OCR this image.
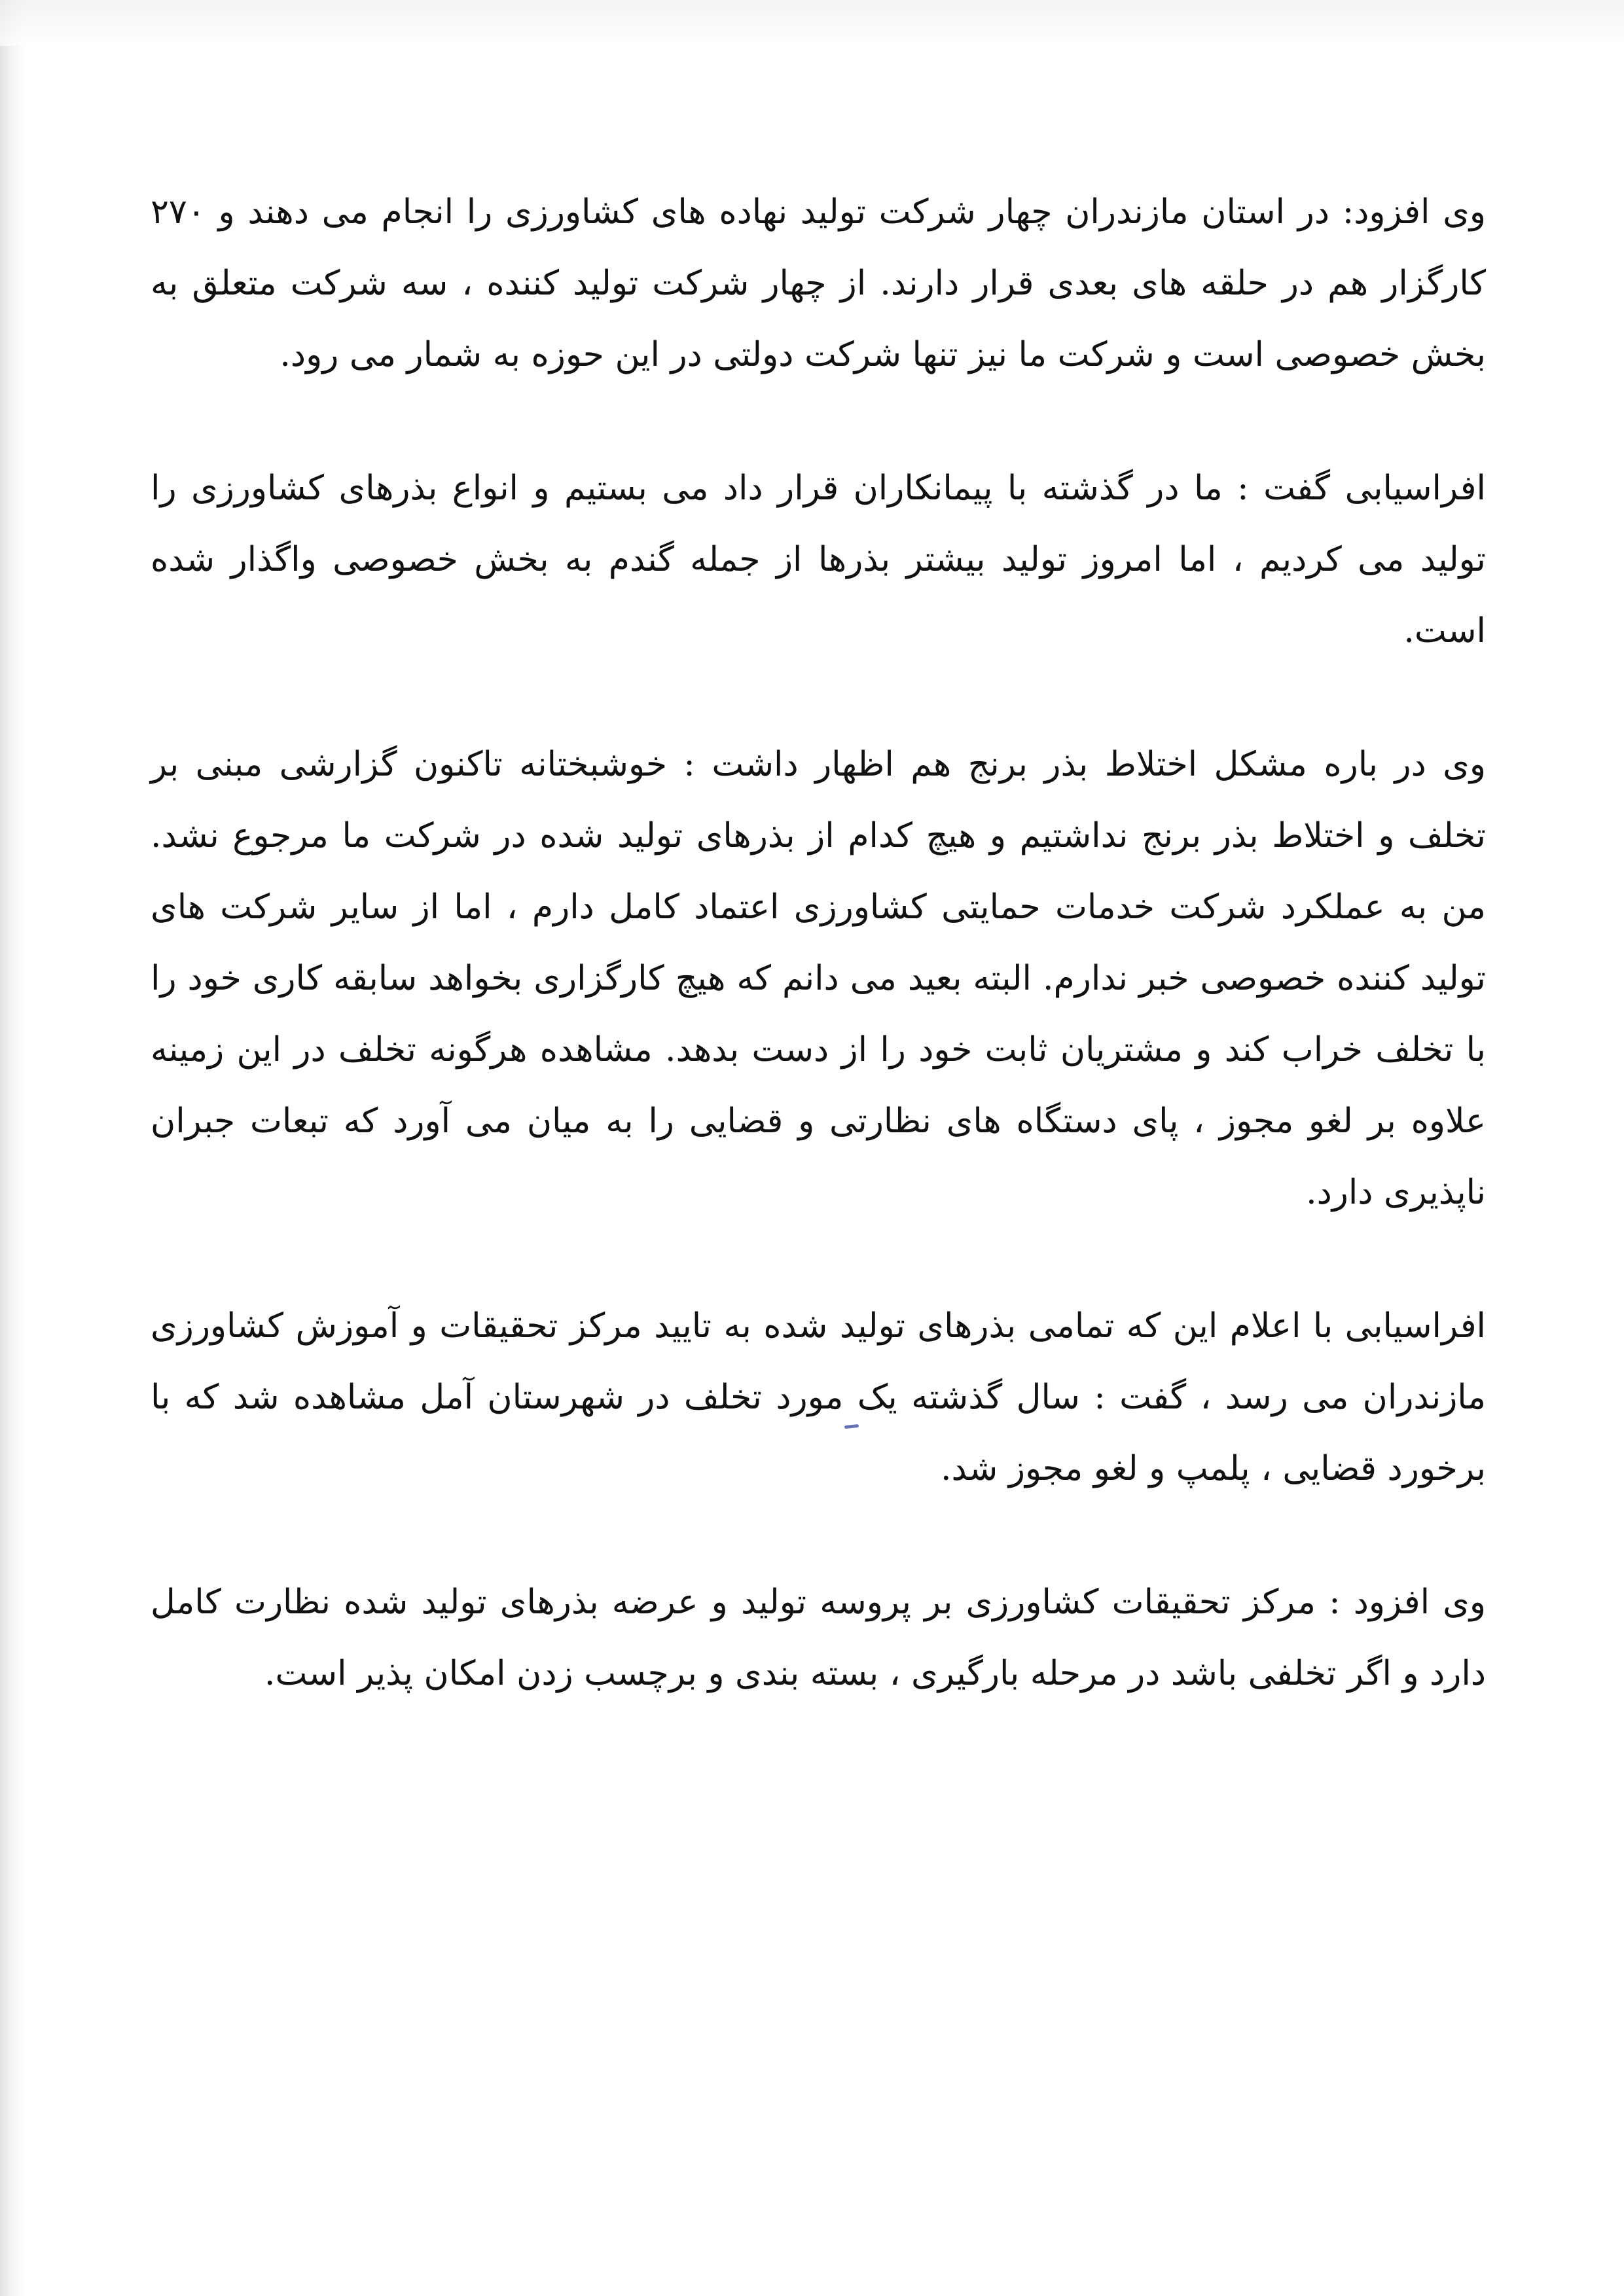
وی افزود: در استان مازندران چهار شرکت تولید نهاده های کشاورزی را انجام می دهند و ۲۷۰ کارگزار هم در حلقه های بعدی قرار دارند. از چهار شرکت تولید کننده ، سه شرکت متعلق به بخش خصوصی است و شرکت ما نیز تنها شرکت دولتی در این حوزه به شمار می رود.

افراسیابی گفت : ما در گذشته با پیمانکاران قرار داد می بستیم و انواع بذرهای کشاورزی را تولید می کردیم ، اما امروز تولید بیشتر بذرها از جمله گندم به بخش خصوصی واگذار شده است.

وی در باره مشکل اختلاط بذر برنج هم اظهار داشت : خوشبختانه تاکنون گزارشی مبنی بر تخلف و اختلاط بذر برنج نداشتیم و هیچ کدام از بذرهای تولید شده در شرکت ما مرجوع نشد. من به عملکرد شرکت خدمات حمایتی کشاورزی اعتماد کامل دارم ، اما از سایر شرکت های تولید کننده خصوصی خبر ندارم. البته بعید می دانم که هیچ کارگزاری بخواهد سابقه کاری خود را با تخلف خراب کند و مشتریان ثابت خود را از دست بدهد. مشاهده هرگونه تخلف در این زمینه علاوه بر لغو مجوز ، پای دستگاه های نظارتی و قضایی را به میان می آورد که تبعات جبران ناپذیری دارد.

افراسیابی با اعلام این که تمامی بذرهای تولید شده به تایید مرکز تحقیقات و آموزش کشاورزی مازندران می رسد ، گفت : سال گذشته یک مورد تخلف در شهرستان آمل مشاهده شد که با برخورد قضایی ، پلمپ و لغو مجوز شد.

وی افزود : مرکز تحقیقات کشاورزی بر پروسه تولید و عرضه بذرهای تولید شده نظارت کامل دارد و اگر تخلفی باشد در مرحله بارگیری ، بسته بندی و برچسب زدن امکان پذیر است.
